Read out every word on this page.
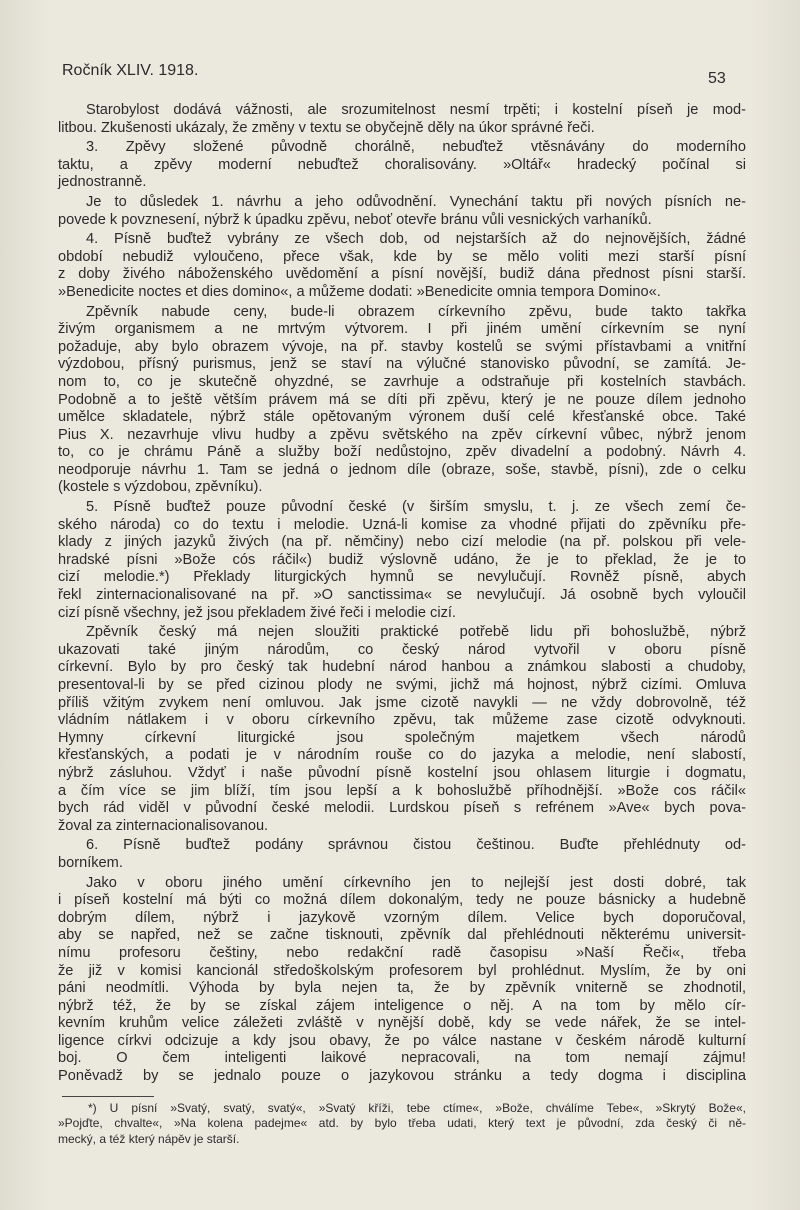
Ročník XLIV. 1918.	53
Starobylost dodává vážnosti, ale srozumitelnost nesmí trpěti; i kostelní píseň je mod-
litbou. Zkušenosti ukázaly, že změny v textu se obyčejně děly na úkor správné řeči.
3. Zpěvy složené původně chorálně, nebuďtež vtěsnávány do moderního
taktu, a zpěvy moderní nebuďtež choralisovány. »Oltář« hradecký počínal si
jednostranně.
Je to důsledek 1. návrhu a jeho odůvodnění. Vynechání taktu při nových písních ne-
povede k povznesení, nýbrž k úpadku zpěvu, neboť otevře bránu vůli vesnických varhaníků.
4. Písně buďtež vybrány ze všech dob, od nejstarších až do nejnovějších, žádné
období nebudiž vyloučeno, přece však, kde by se mělo voliti mezi starší písní
z doby živého náboženského uvědomění a písní novější, budiž dána přednost písni starší.
»Benedicite noctes et dies domino«, a můžeme dodati: »Benedicite omnia tempora Domino«.
Zpěvník nabude ceny, bude-li obrazem církevního zpěvu, bude takto takřka
živým organismem a ne mrtvým výtvorem. I při jiném umění církevním se nyní
požaduje, aby bylo obrazem vývoje, na př. stavby kostelů se svými přístavbami a vnitřní
výzdobou, přísný purismus, jenž se staví na výlučné stanovisko původní, se zamítá. Je-
nom to, co je skutečně ohyzdné, se zavrhuje a odstraňuje při kostelních stavbách.
Podobně a to ještě větším právem má se díti při zpěvu, který je ne pouze dílem jednoho
umělce skladatele, nýbrž stále opětovaným výronem duší celé křesťanské obce. Také
Pius X. nezavrhuje vlivu hudby a zpěvu světského na zpěv církevní vůbec, nýbrž jenom
to, co je chrámu Páně a služby boží nedůstojno, zpěv divadelní a podobný. Návrh 4.
neodporuje návrhu 1. Tam se jedná o jednom díle (obraze, soše, stavbě, písni), zde o celku
(kostele s výzdobou, zpěvníku).
5. Písně buďtež pouze původní české (v širším smyslu, t. j. ze všech zemí če-
ského národa) co do textu i melodie. Uzná-li komise za vhodné přijati do zpěvníku pře-
klady z jiných jazyků živých (na př. němčiny) nebo cizí melodie (na př. polskou při vele-
hradské písni »Bože cós ráčil«) budiž výslovně udáno, že je to překlad, že je to
cizí melodie.*) Překlady liturgických hymnů se nevylučují. Rovněž písně, abych
řekl zinternacionalisované na př. »O sanctissima« se nevylučují. Já osobně bych vyloučil
cizí písně všechny, jež jsou překladem živé řeči i melodie cizí.
Zpěvník český má nejen sloužiti praktické potřebě lidu při bohoslužbě, nýbrž
ukazovati také jiným národům, co český národ vytvořil v oboru písně
církevní. Bylo by pro český tak hudební národ hanbou a známkou slabosti a chudoby,
presentoval-li by se před cizinou plody ne svými, jichž má hojnost, nýbrž cizími. Omluva
příliš vžitým zvykem není omluvou. Jak jsme cizotě navykli — ne vždy dobrovolně, též
vládním nátlakem i v oboru církevního zpěvu, tak můžeme zase cizotě odvyknouti.
Hymny církevní liturgické jsou společným majetkem všech národů
křesťanských, a podati je v národním rouše co do jazyka a melodie, není slabostí,
nýbrž zásluhou. Vždyť i naše původní písně kostelní jsou ohlasem liturgie i dogmatu,
a čím více se jim blíží, tím jsou lepší a k bohoslužbě příhodnější. »Bože cos ráčil«
bych rád viděl v původní české melodii. Lurdskou píseň s refrénem »Ave« bych pova-
žoval za zinternacionalisovanou.
6. Písně buďtež podány správnou čistou češtinou. Buďte přehlédnuty od-
borníkem.
Jako v oboru jiného umění církevního jen to nejlejší jest dosti dobré, tak
i píseň kostelní má býti co možná dílem dokonalým, tedy ne pouze básnicky a hudebně
dobrým dílem, nýbrž i jazykově vzorným dílem. Velice bych doporučoval,
aby se napřed, než se začne tisknouti, zpěvník dal přehlédnouti některému universit-
nímu profesoru češtiny, nebo redakční radě časopisu »Naší Řeči«, třeba
že již v komisi kancionál středoškolským profesorem byl prohlédnut. Myslím, že by oni
páni neodmítli. Výhoda by byla nejen ta, že by zpěvník vniterně se zhodnotil,
nýbrž též, že by se získal zájem inteligence o něj. A na tom by mělo cír-
kevním kruhům velice záležeti zvláště v nynější době, kdy se vede nářek, že se intel-
ligence církvi odcizuje a kdy jsou obavy, že po válce nastane v českém národě kulturní
boj. O čem inteligenti laikové nepracovali, na tom nemají zájmu!
Poněvadž by se jednalo pouze o jazykovou stránku a tedy dogma i disciplina
*) U písní »Svatý, svatý, svatý«, »Svatý kříži, tebe ctíme«, »Bože, chválíme Tebe«, »Skrytý Bože«,
»Pojďte, chvalte«, »Na kolena padejme« atd. by bylo třeba udati, který text je původní, zda český či ně-
mecký, a též který nápěv je starší.
